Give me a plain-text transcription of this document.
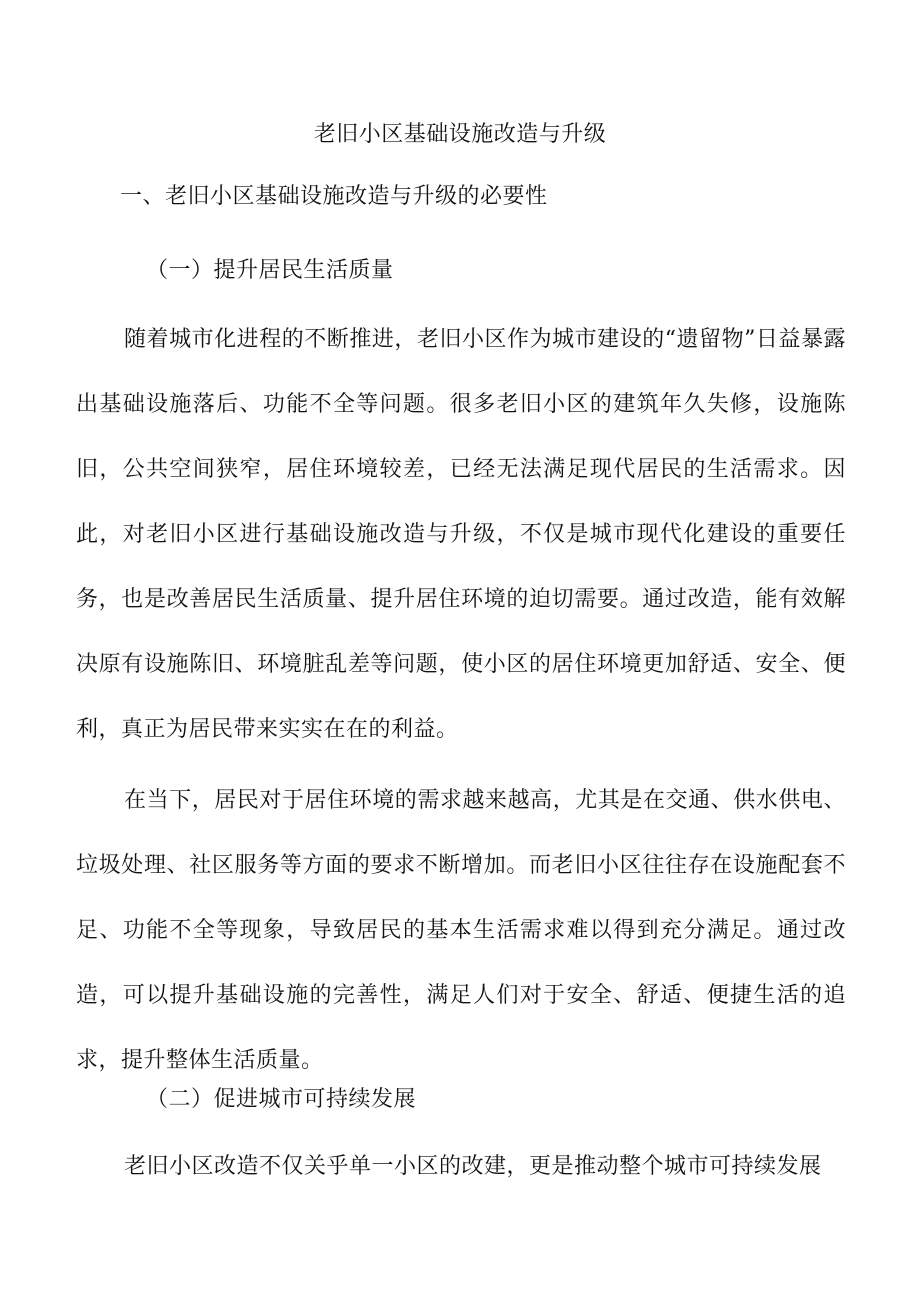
老旧小区基础设施改造与升级
一、老旧小区基础设施改造与升级的必要性
（一）提升居民生活质量

随着城市化进程的不断推进，老旧小区作为城市建设的“遗留物”日益暴露出基础设施落后、功能不全等问题。很多老旧小区的建筑年久失修，设施陈旧，公共空间狭窄，居住环境较差，已经无法满足现代居民的生活需求。因此，对老旧小区进行基础设施改造与升级，不仅是城市现代化建设的重要任务，也是改善居民生活质量、提升居住环境的迫切需要。通过改造，能有效解决原有设施陈旧、环境脏乱差等问题，使小区的居住环境更加舒适、安全、便利，真正为居民带来实实在在的利益。

在当下，居民对于居住环境的需求越来越高，尤其是在交通、供水供电、垃圾处理、社区服务等方面的要求不断增加。而老旧小区往往存在设施配套不足、功能不全等现象，导致居民的基本生活需求难以得到充分满足。通过改造，可以提升基础设施的完善性，满足人们对于安全、舒适、便捷生活的追求，提升整体生活质量。

（二）促进城市可持续发展

老旧小区改造不仅关乎单一小区的改建，更是推动整个城市可持续发展
